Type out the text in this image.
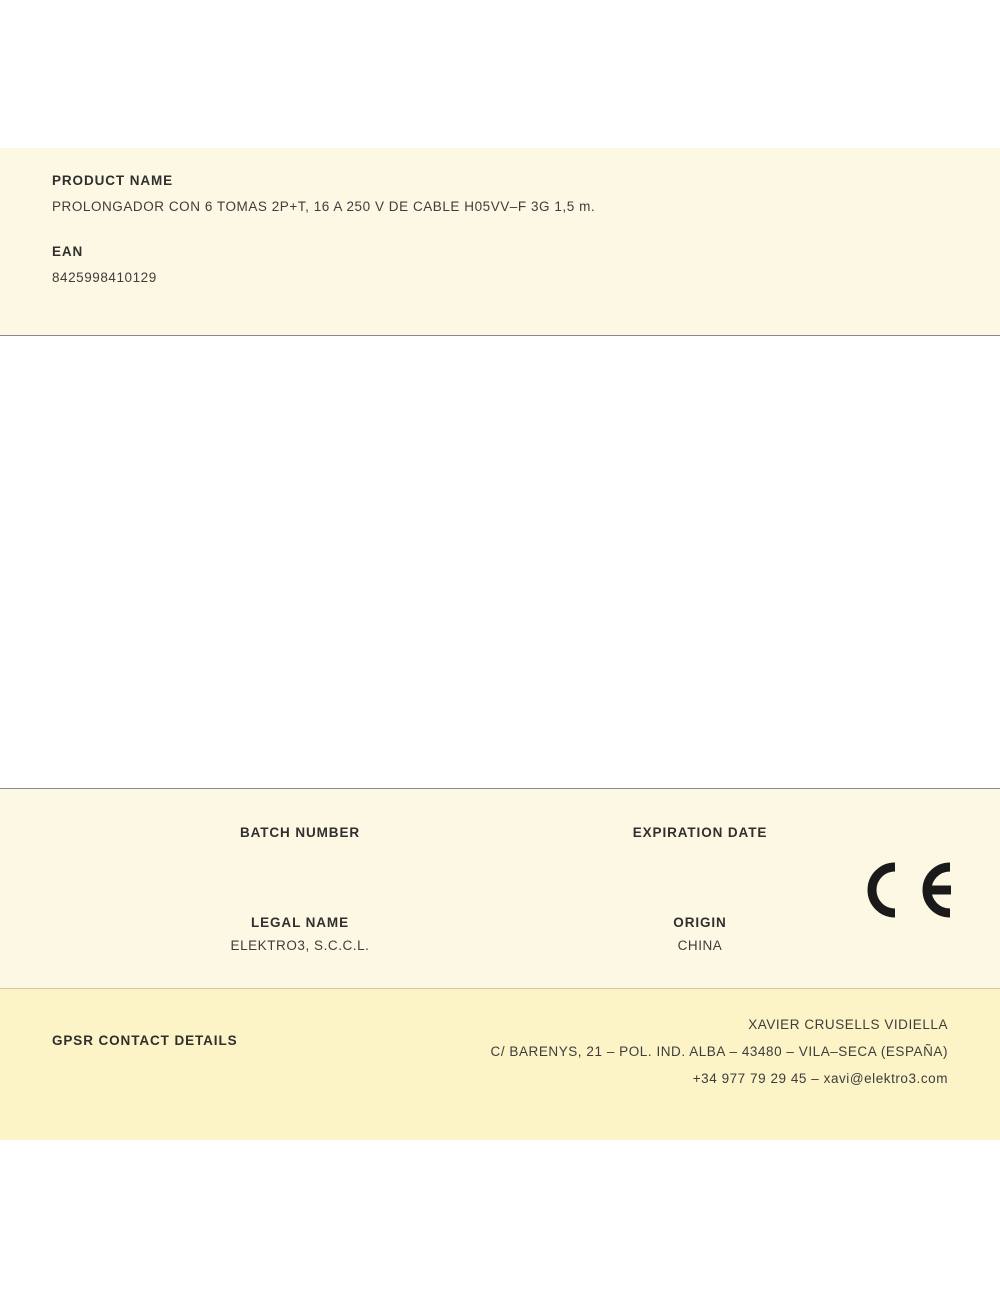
PRODUCT NAME

PROLONGADOR CON 6 TOMAS 2P+T, 16 A 250 V DE CABLE H05VV–F 3G 1,5 m.

EAN

8425998410129

BATCH NUMBER	EXPIRATION DATE

LEGAL NAME

ELEKTRO3, S.C.C.L.

ORIGIN

CHINA

GPSR CONTACT DETAILS

XAVIER CRUSELLS VIDIELLA

C/ BARENYS, 21 – POL. IND. ALBA – 43480 – VILA–SECA (ESPAÑA)

+34 977 79 29 45 – xavi@elektro3.com
